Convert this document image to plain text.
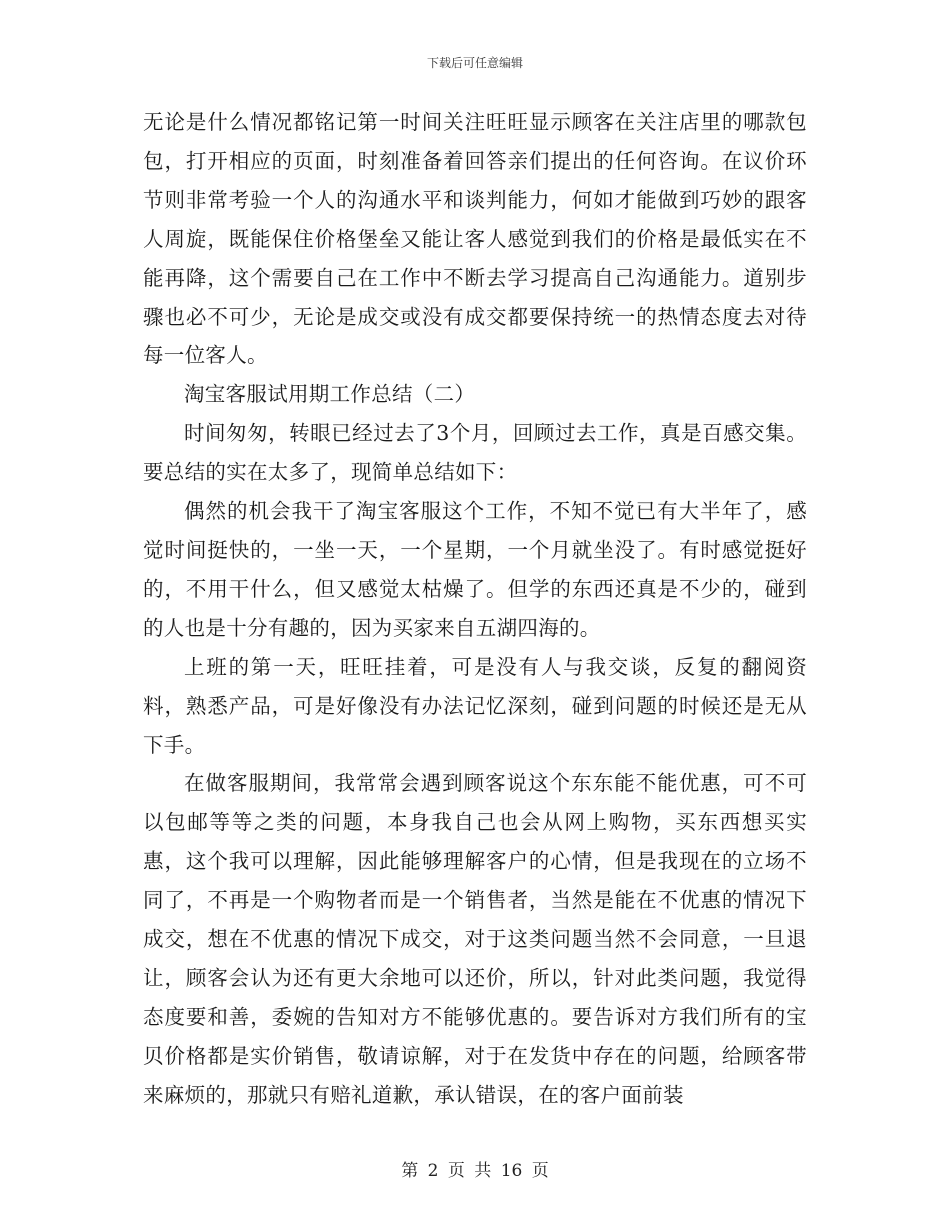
下载后可任意编辑

无论是什么情况都铭记第一时间关注旺旺显示顾客在关注店里的哪款包包，打开相应的页面，时刻准备着回答亲们提出的任何咨询。在议价环节则非常考验一个人的沟通水平和谈判能力，何如才能做到巧妙的跟客人周旋，既能保住价格堡垒又能让客人感觉到我们的价格是最低实在不能再降，这个需要自己在工作中不断去学习提高自己沟通能力。道别步骤也必不可少，无论是成交或没有成交都要保持统一的热情态度去对待每一位客人。

淘宝客服试用期工作总结（二）

时间匆匆，转眼已经过去了3个月，回顾过去工作，真是百感交集。要总结的实在太多了，现简单总结如下：

偶然的机会我干了淘宝客服这个工作，不知不觉已有大半年了，感觉时间挺快的，一坐一天，一个星期，一个月就坐没了。有时感觉挺好的，不用干什么，但又感觉太枯燥了。但学的东西还真是不少的，碰到的人也是十分有趣的，因为买家来自五湖四海的。

上班的第一天，旺旺挂着，可是没有人与我交谈，反复的翻阅资料，熟悉产品，可是好像没有办法记忆深刻，碰到问题的时候还是无从下手。

在做客服期间，我常常会遇到顾客说这个东东能不能优惠，可不可以包邮等等之类的问题，本身我自己也会从网上购物，买东西想买实惠，这个我可以理解，因此能够理解客户的心情，但是我现在的立场不同了，不再是一个购物者而是一个销售者，当然是能在不优惠的情况下成交，想在不优惠的情况下成交，对于这类问题当然不会同意，一旦退让，顾客会认为还有更大余地可以还价，所以，针对此类问题，我觉得态度要和善，委婉的告知对方不能够优惠的。要告诉对方我们所有的宝贝价格都是实价销售，敬请谅解，对于在发货中存在的问题，给顾客带来麻烦的，那就只有赔礼道歉，承认错误，在的客户面前装

第 2 页 共 16 页
